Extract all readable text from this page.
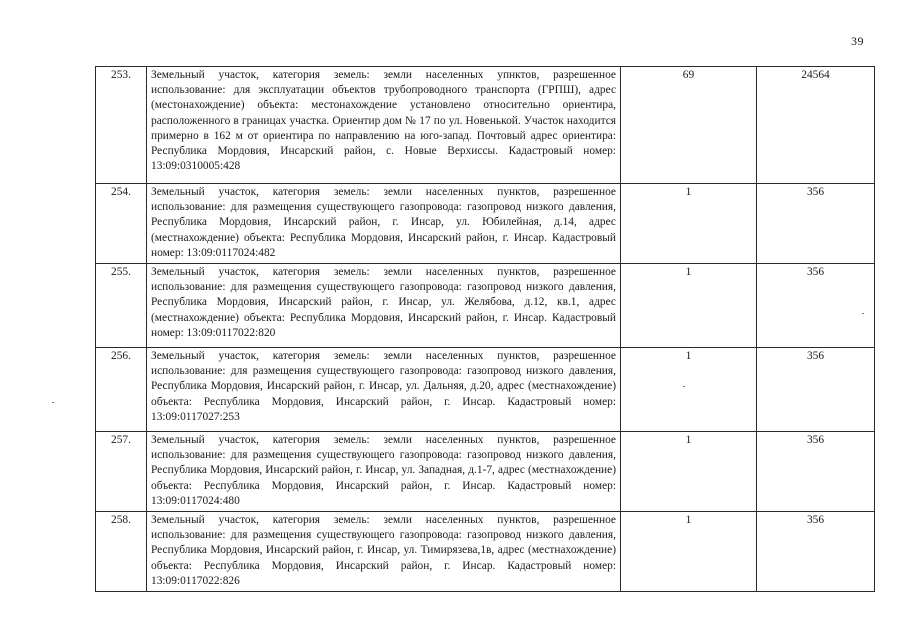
39
253.	Земельный участок, категория земель: земли населенных упнктов, разрешенное использование: для эксплуатации объектов трубопроводного транспорта (ГРПШ), адрес (местонахождение) объекта: местонахождение установлено относительно ориентира, расположенного в границах участка. Ориентир дом № 17 по ул. Новенькой. Участок находится примерно в 162 м от ориентира по направлению на юго-запад. Почтовый адрес ориентира: Республика Мордовия, Инсарский район, с. Новые Верхиссы. Кадастровый номер: 13:09:0310005:428	69	24564
254.	Земельный участок, категория земель: земли населенных пунктов, разрешенное использование: для размещения существующего газопровода: газопровод низкого давления, Республика Мордовия, Инсарский район, г. Инсар, ул. Юбилейная, д.14, адрес (местнахождение) объекта: Республика Мордовия, Инсарский район, г. Инсар. Кадастровый номер: 13:09:0117024:482	1	356
255.	Земельный участок, категория земель: земли населенных пунктов, разрешенное использование: для размещения существующего газопровода: газопровод низкого давления, Республика Мордовия, Инсарский район, г. Инсар, ул. Желябова, д.12, кв.1, адрес (местнахождение) объекта: Республика Мордовия, Инсарский район, г. Инсар. Кадастровый номер: 13:09:0117022:820	1	356
256.	Земельный участок, категория земель: земли населенных пунктов, разрешенное использование: для размещения существующего газопровода: газопровод низкого давления, Республика Мордовия, Инсарский район, г. Инсар, ул. Дальняя, д.20, адрес (местнахождение) объекта: Республика Мордовия, Инсарский район, г. Инсар. Кадастровый номер: 13:09:0117027:253	1	356
257.	Земельный участок, категория земель: земли населенных пунктов, разрешенное использование: для размещения существующего газопровода: газопровод низкого давления, Республика Мордовия, Инсарский район, г. Инсар, ул. Западная, д.1-7, адрес (местнахождение) объекта: Республика Мордовия, Инсарский район, г. Инсар. Кадастровый номер: 13:09:0117024:480	1	356
258.	Земельный участок, категория земель: земли населенных пунктов, разрешенное использование: для размещения существующего газопровода: газопровод низкого давления, Республика Мордовия, Инсарский район, г. Инсар, ул. Тимирязева,1в, адрес (местнахождение) объекта: Республика Мордовия, Инсарский район, г. Инсар. Кадастровый номер: 13:09:0117022:826	1	356
